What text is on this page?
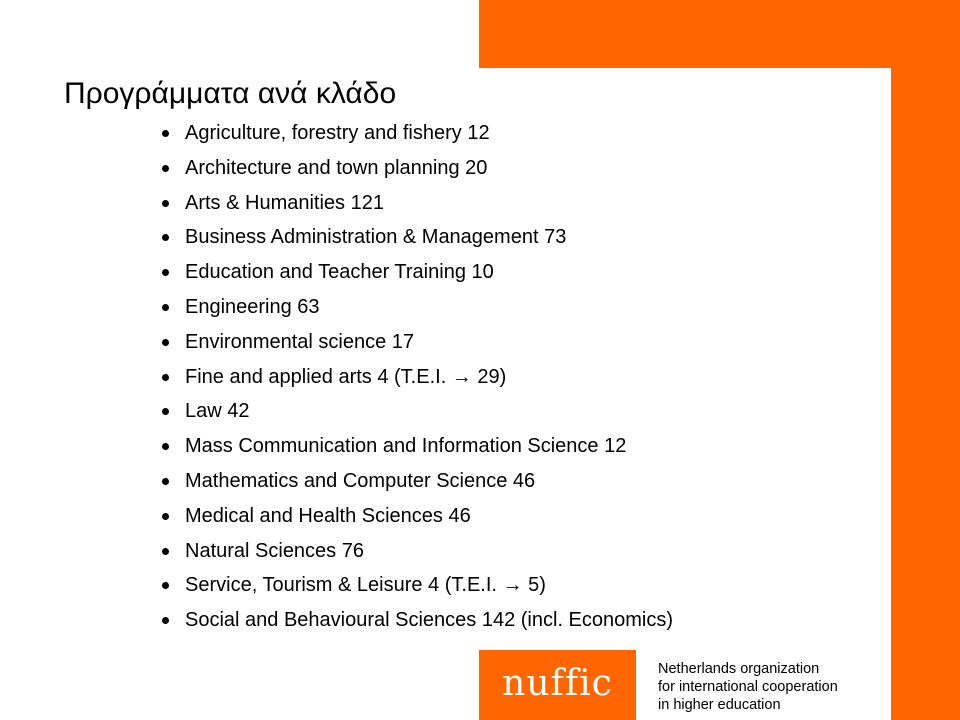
Προγράμματα ανά κλάδο
Agriculture, forestry and fishery 12
Architecture and town planning 20
Arts & Humanities 121
Business Administration & Management 73
Education and Teacher Training 10
Engineering 63
Environmental science 17
Fine and applied arts 4 (T.E.I. → 29)
Law 42
Mass Communication and Information Science 12
Mathematics and Computer Science 46
Medical and Health Sciences 46
Natural Sciences 76
Service, Tourism & Leisure 4 (T.E.I. → 5)
Social and Behavioural Sciences 142 (incl. Economics)
nuffic	Netherlands organization
for international cooperation
in higher education
